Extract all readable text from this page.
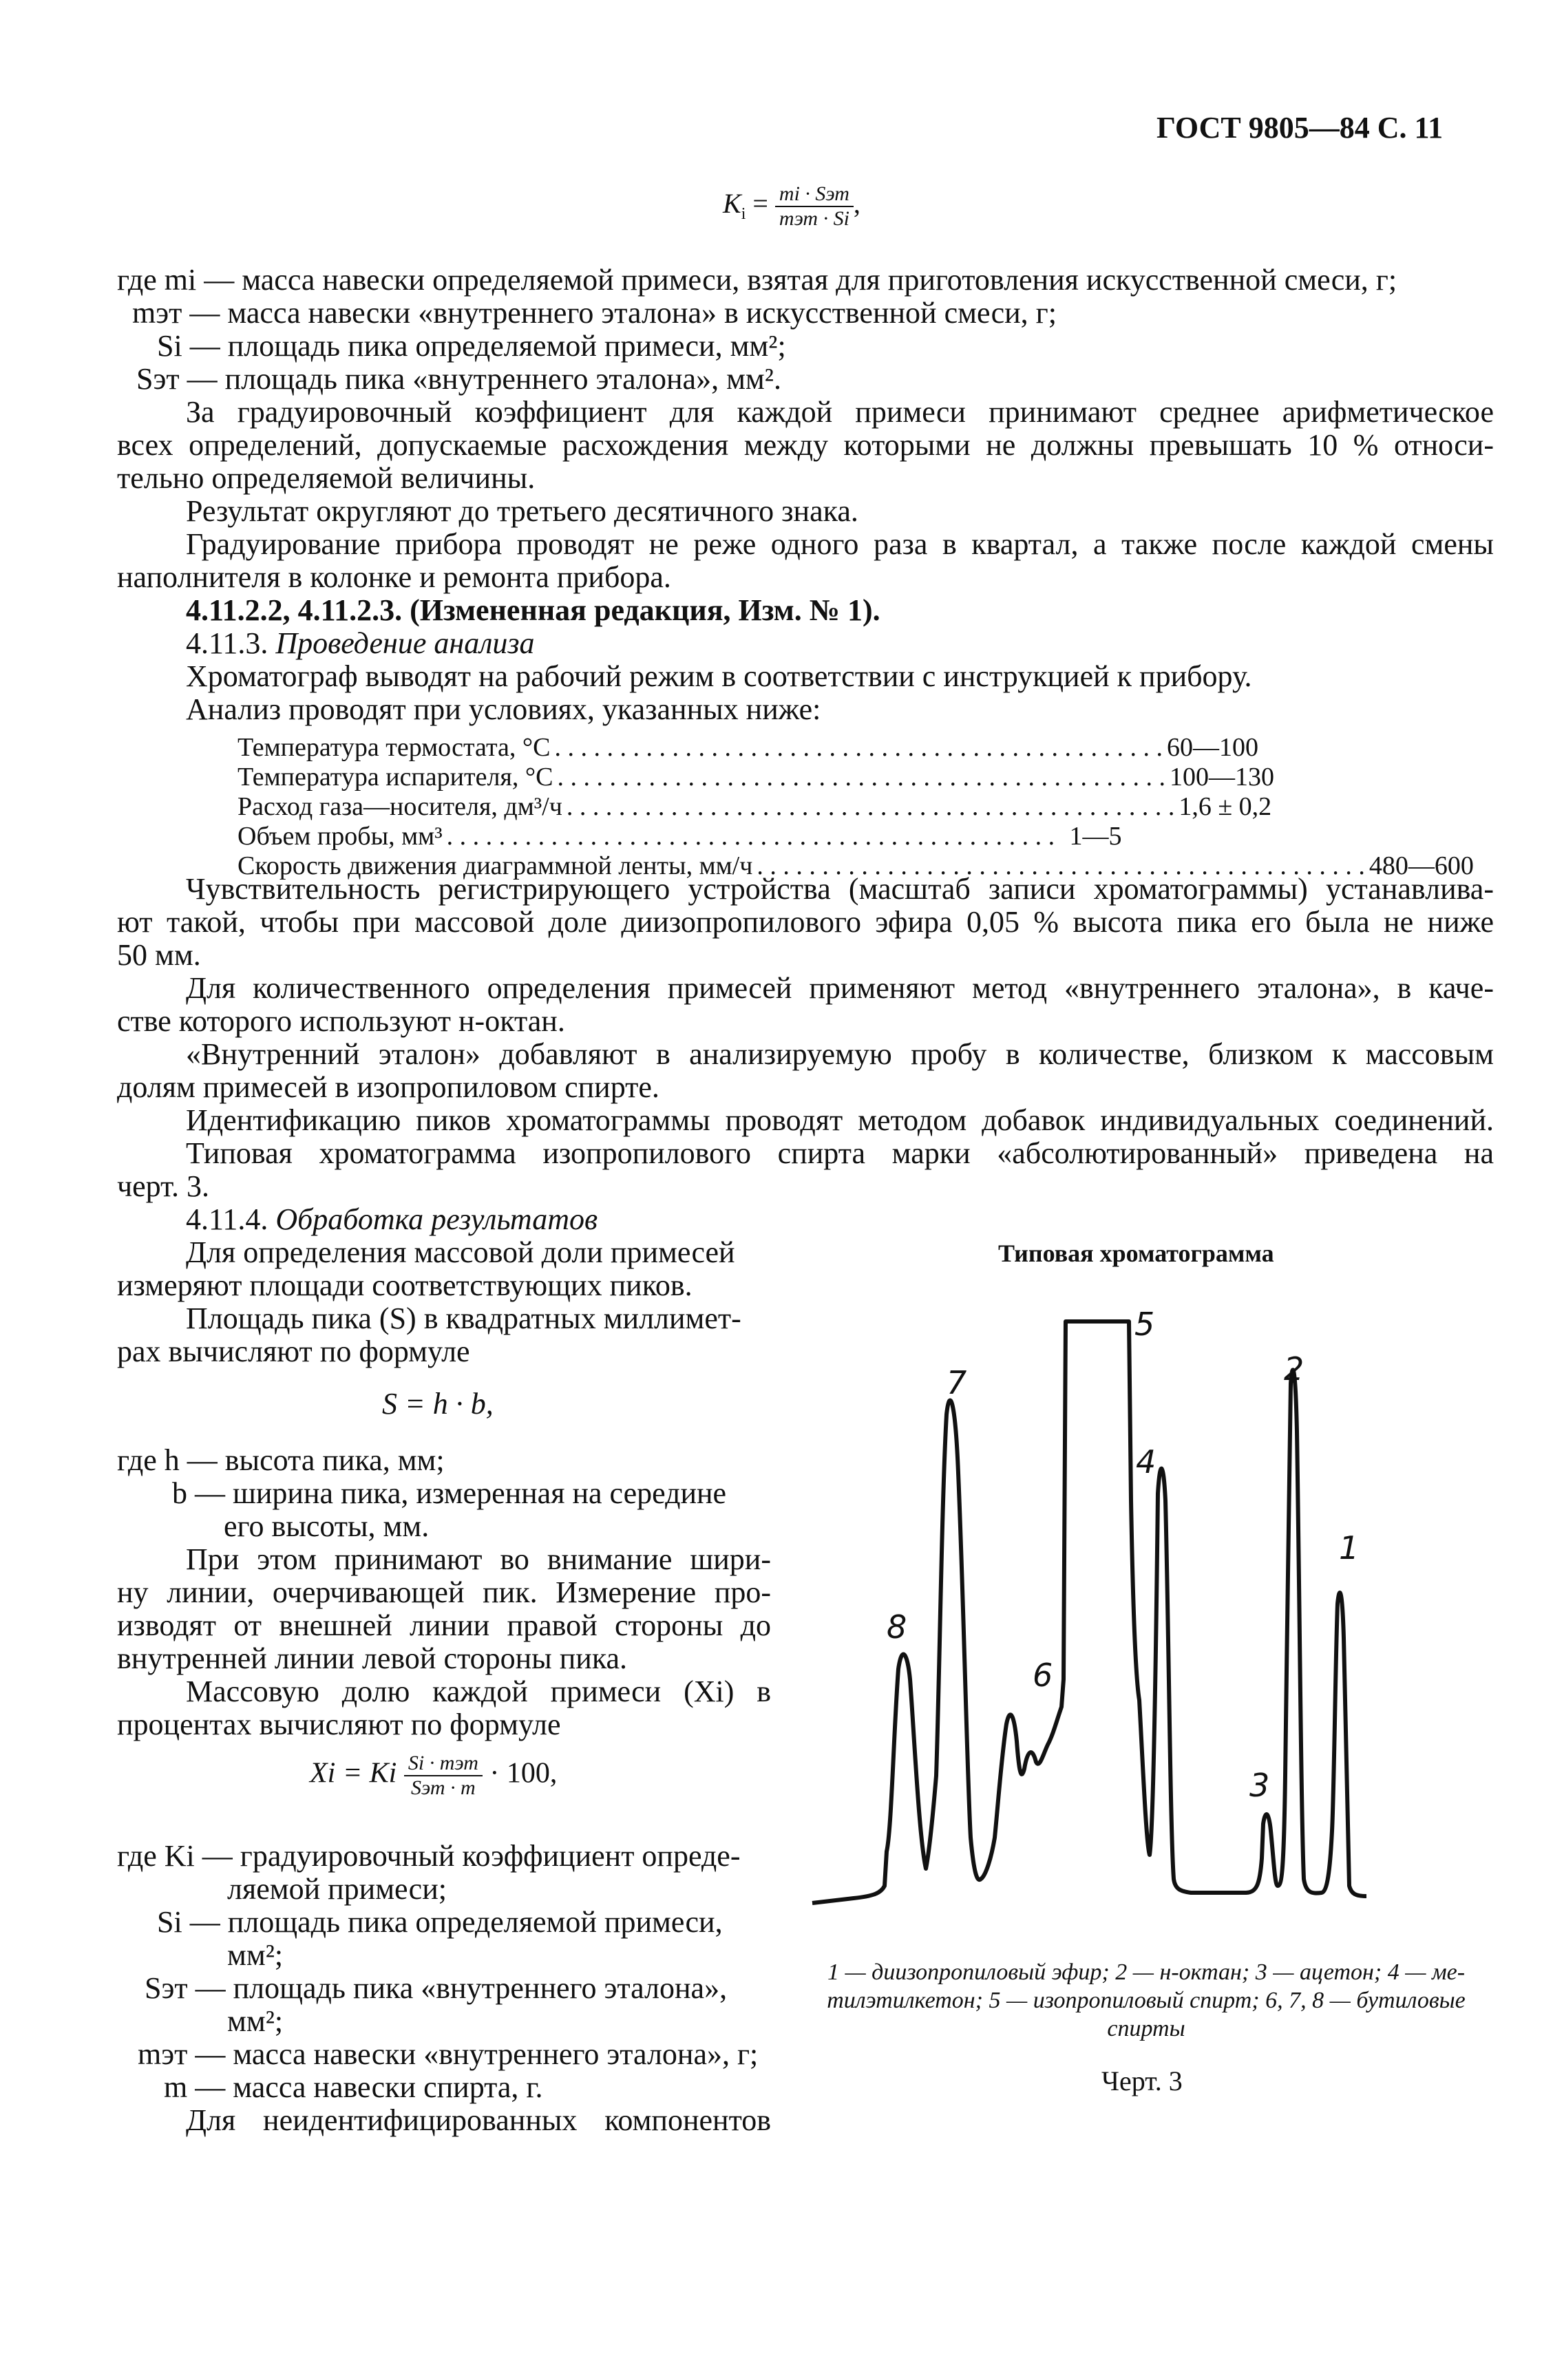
ГОСТ 9805—84 С. 11
$K_i = \frac{\text{mi · Sэт}}{\text{mэт · Si}}$ ,
где mi — масса навески определяемой примеси, взятая для приготовления искусственной смеси, г;
mэт — масса навески «внутреннего эталона» в искусственной смеси, г;
Si — площадь пика определяемой примеси, мм²;
Sэт — площадь пика «внутреннего эталона», мм².
За градуировочный коэффициент для каждой примеси принимают среднее арифметическое
всех определений, допускаемые расхождения между которыми не должны превышать 10 % относи-
тельно определяемой величины.
Результат округляют до третьего десятичного знака.
Градуирование прибора проводят не реже одного раза в квартал, а также после каждой смены
наполнителя в колонке и ремонта прибора.
4.11.2.2, 4.11.2.3. (Измененная редакция, Изм. № 1).
4.11.3. Проведение анализа
Хроматограф выводят на рабочий режим в соответствии с инструкцией к прибору.
Анализ проводят при условиях, указанных ниже:
Температура термостата, °С . . . . . . . . . . . . . . . . . . . . . . . . . . . . . . . . . . . . . . . . . . . . . . . 60—100
Температура испарителя, °С . . . . . . . . . . . . . . . . . . . . . . . . . . . . . . . . . . . . . . . . . . . . . . . 100—130
Расход газа—носителя, дм³/ч . . . . . . . . . . . . . . . . . . . . . . . . . . . . . . . . . . . . . . . . . . . . . . . 1,6 ± 0,2
Объем пробы, мм³ . . . . . . . . . . . . . . . . . . . . . . . . . . . . . . . . . . . . . . . . . . . . . . . 1—5
Скорость движения диаграммной ленты, мм/ч . . . . . . . . . . . . . . . . . . . . . . . . . . . . . . . . . . . . . . . . . . . . . . . 480—600
Чувствительность регистрирующего устройства (масштаб записи хроматограммы) устанавлива-
ют такой, чтобы при массовой доле диизопропилового эфира 0,05 % высота пика его была не ниже
50 мм.
Для количественного определения примесей применяют метод «внутреннего эталона», в каче-
стве которого используют н-октан.
«Внутренний эталон» добавляют в анализируемую пробу в количестве, близком к массовым
долям примесей в изопропиловом спирте.
Идентификацию пиков хроматограммы проводят методом добавок индивидуальных соединений.
Типовая хроматограмма изопропилового спирта марки «абсолютированный» приведена на
черт. 3.
4.11.4. Обработка результатов
Для определения массовой доли примесей
измеряют площади соответствующих пиков.
Площадь пика (S) в квадратных миллимет-
рах вычисляют по формуле
S = h · b,
где h — высота пика, мм;
b — ширина пика, измеренная на середине
его высоты, мм.
При этом принимают во внимание шири-
ну линии, очерчивающей пик. Измерение про-
изводят от внешней линии правой стороны до
внутренней линии левой стороны пика.
Массовую долю каждой примеси (Xi) в
процентах вычисляют по формуле
Xi = Ki $\frac{\text{Si · mэт}}{\text{Sэт · m}} \cdot 100$,
где Ki — градуировочный коэффициент опреде-
ляемой примеси;
Si — площадь пика определяемой примеси,
мм²;
Sэт — площадь пика «внутреннего эталона»,
мм²;
mэт — масса навески «внутреннего эталона», г;
m — масса навески спирта, г.
Для неидентифицированных компонентов
Типовая хроматограмма
1
2
3
4
5
6
7
8
1 — диизопропиловый эфир; 2 — н-октан; 3 — ацетон; 4 — ме-
тилэтилкетон; 5 — изопропиловый спирт; 6, 7, 8 — бутиловые
спирты
Черт. 3
